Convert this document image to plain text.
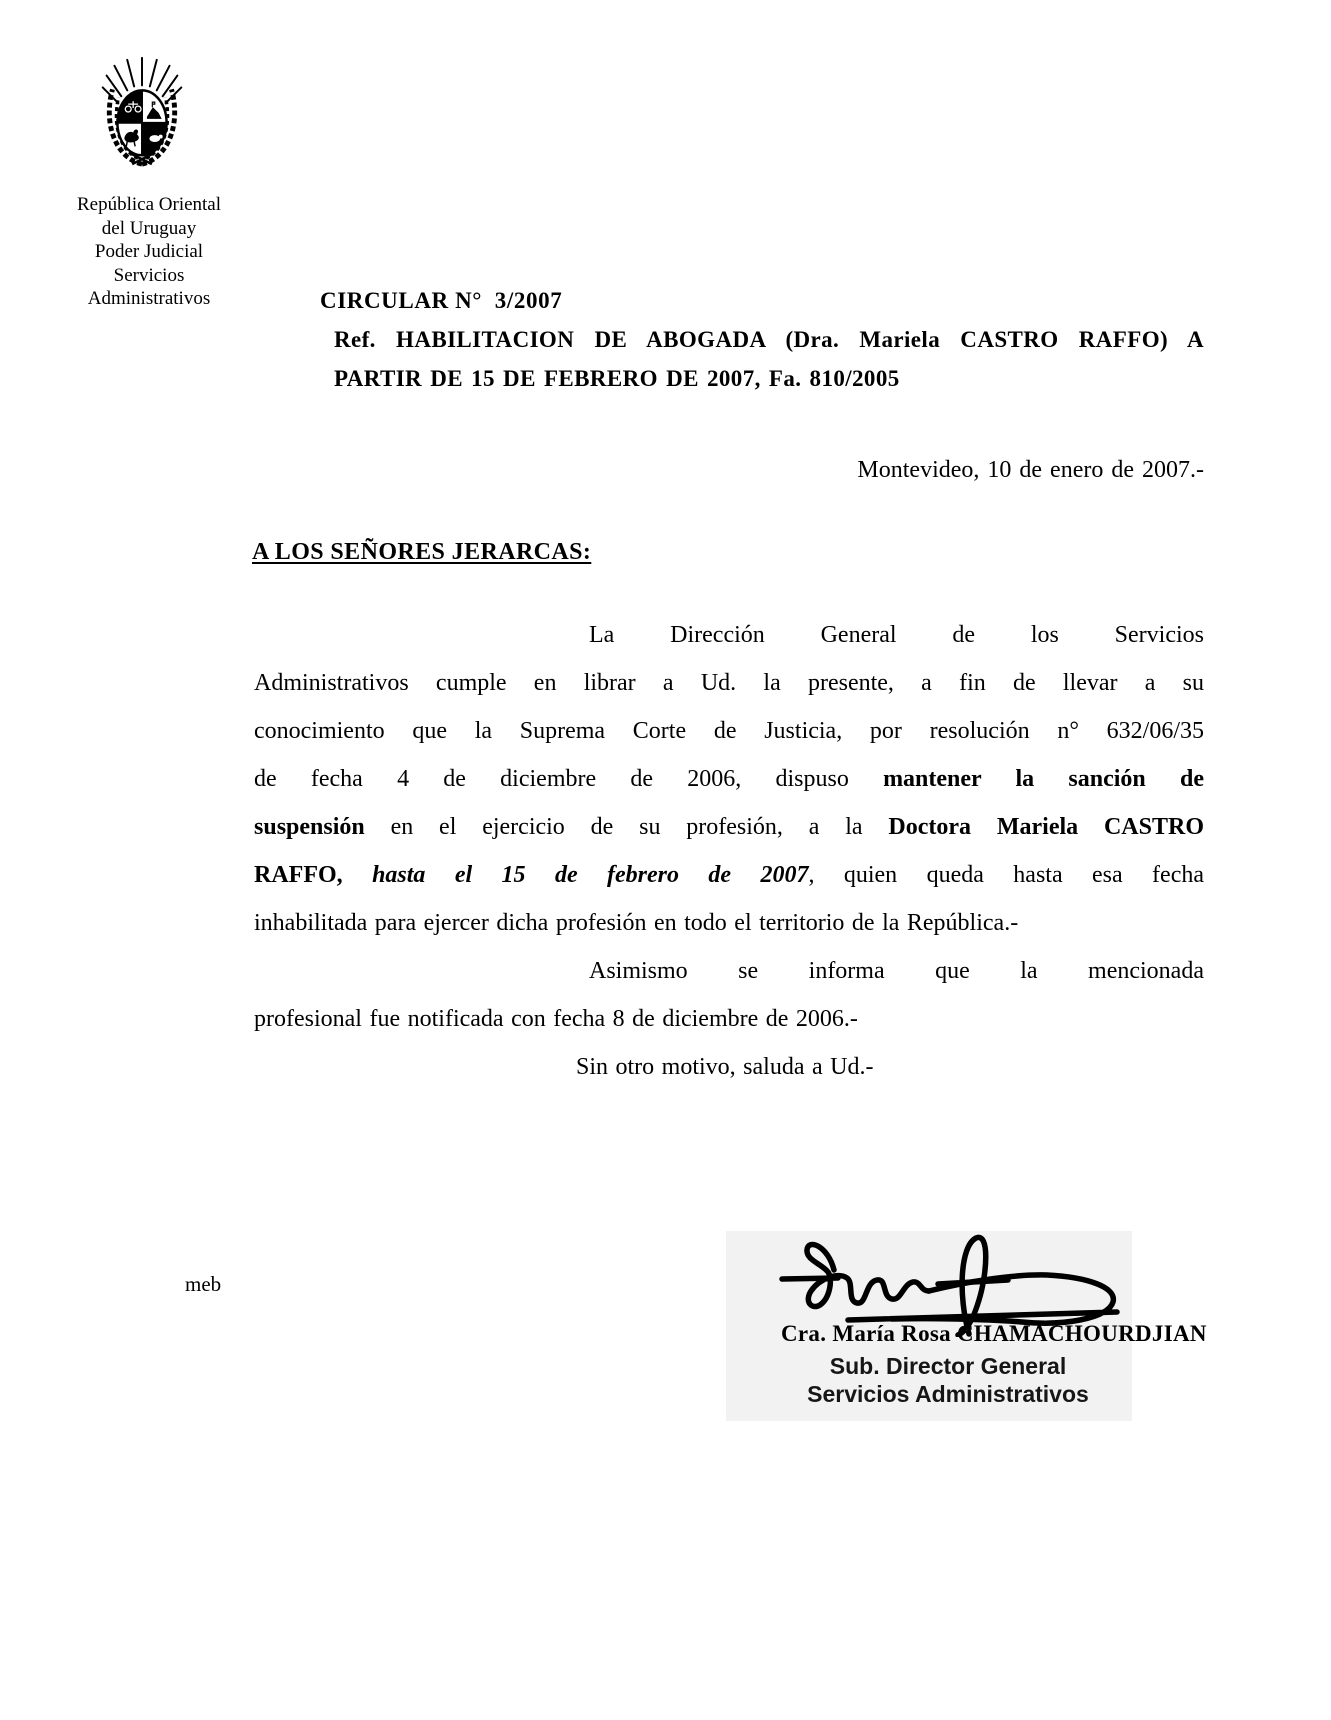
República Oriental
del Uruguay
Poder Judicial
Servicios
Administrativos	CIRCULAR N°  3/2007
Ref. HABILITACION DE ABOGADA (Dra. Mariela CASTRO RAFFO) A
PARTIR DE 15 DE FEBRERO DE 2007, Fa. 810/2005
Montevideo, 10 de enero de 2007.-
A LOS SEÑORES JERARCAS:
La Dirección General de los Servicios
Administrativos cumple en librar a Ud. la presente, a fin de llevar a su
conocimiento que la Suprema Corte de Justicia, por resolución n° 632/06/35
de fecha 4 de diciembre de 2006, dispuso mantener la sanción de
suspensión en el ejercicio de su profesión, a la Doctora Mariela CASTRO
RAFFO, hasta el 15 de febrero de 2007, quien queda hasta esa fecha
inhabilitada para ejercer dicha profesión en todo el territorio de la República.-
Asimismo se informa que la mencionada
profesional fue notificada con fecha 8 de diciembre de 2006.-
Sin otro motivo, saluda a Ud.-
meb
Cra. María Rosa CHAMACHOURDJIAN
Sub. Director General
Servicios Administrativos
